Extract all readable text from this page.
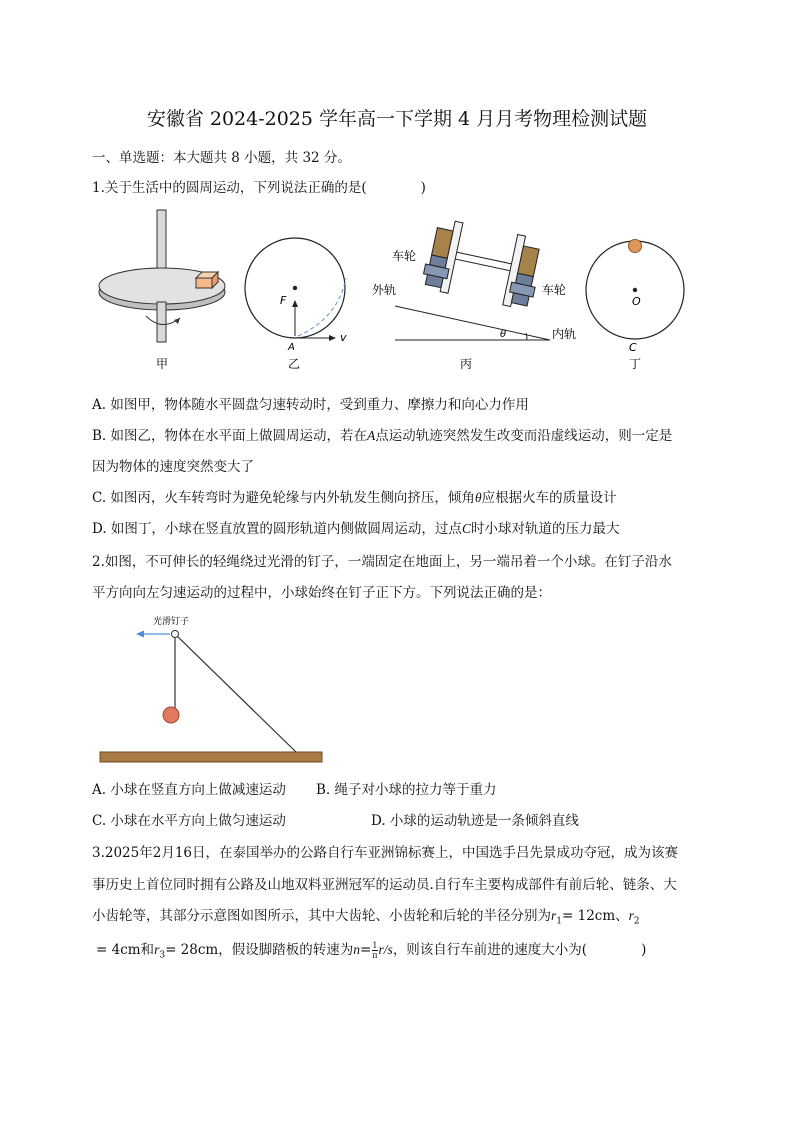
安徽省 2024-2025 学年高一下学期 4 月月考物理检测试题
一、单选题：本大题共 8 小题，共 32 分。
1.关于生活中的圆周运动，下列说法正确的是(　　　　)
甲
F
A
v
乙
θ
车轮
外轨	车轮
内轨
丙
O
C
丁
A. 如图甲，物体随水平圆盘匀速转动时，受到重力、摩擦力和向心力作用
B. 如图乙，物体在水平面上做圆周运动，若在A点运动轨迹突然发生改变而沿虚线运动，则一定是
因为物体的速度突然变大了
C. 如图丙，火车转弯时为避免轮缘与内外轨发生侧向挤压，倾角θ应根据火车的质量设计
D. 如图丁，小球在竖直放置的圆形轨道内侧做圆周运动，过点C时小球对轨道的压力最大
2.如图，不可伸长的轻绳绕过光滑的钉子，一端固定在地面上，另一端吊着一个小球。在钉子沿水
平方向向左匀速运动的过程中，小球始终在钉子正下方。下列说法正确的是：
光滑钉子
A. 小球在竖直方向上做减速运动 B. 绳子对小球的拉力等于重力
C. 小球在水平方向上做匀速运动	D. 小球的运动轨迹是一条倾斜直线
3.2025年2月16日，在泰国举办的公路自行车亚洲锦标赛上，中国选手吕先景成功夺冠，成为该赛
事历史上首位同时拥有公路及山地双料亚洲冠军的运动员.自行车主要构成部件有前后轮、链条、大
小齿轮等，其部分示意图如图所示，其中大齿轮、小齿轮和后轮的半径分别为$r_1= 12cm$、$r_2$
= 4cm和$r_3= 28cm$，假设脚踏板的转速为$n= \frac{1}{\pi} r/s$，则该自行车前进的速度大小为(　　　　)
